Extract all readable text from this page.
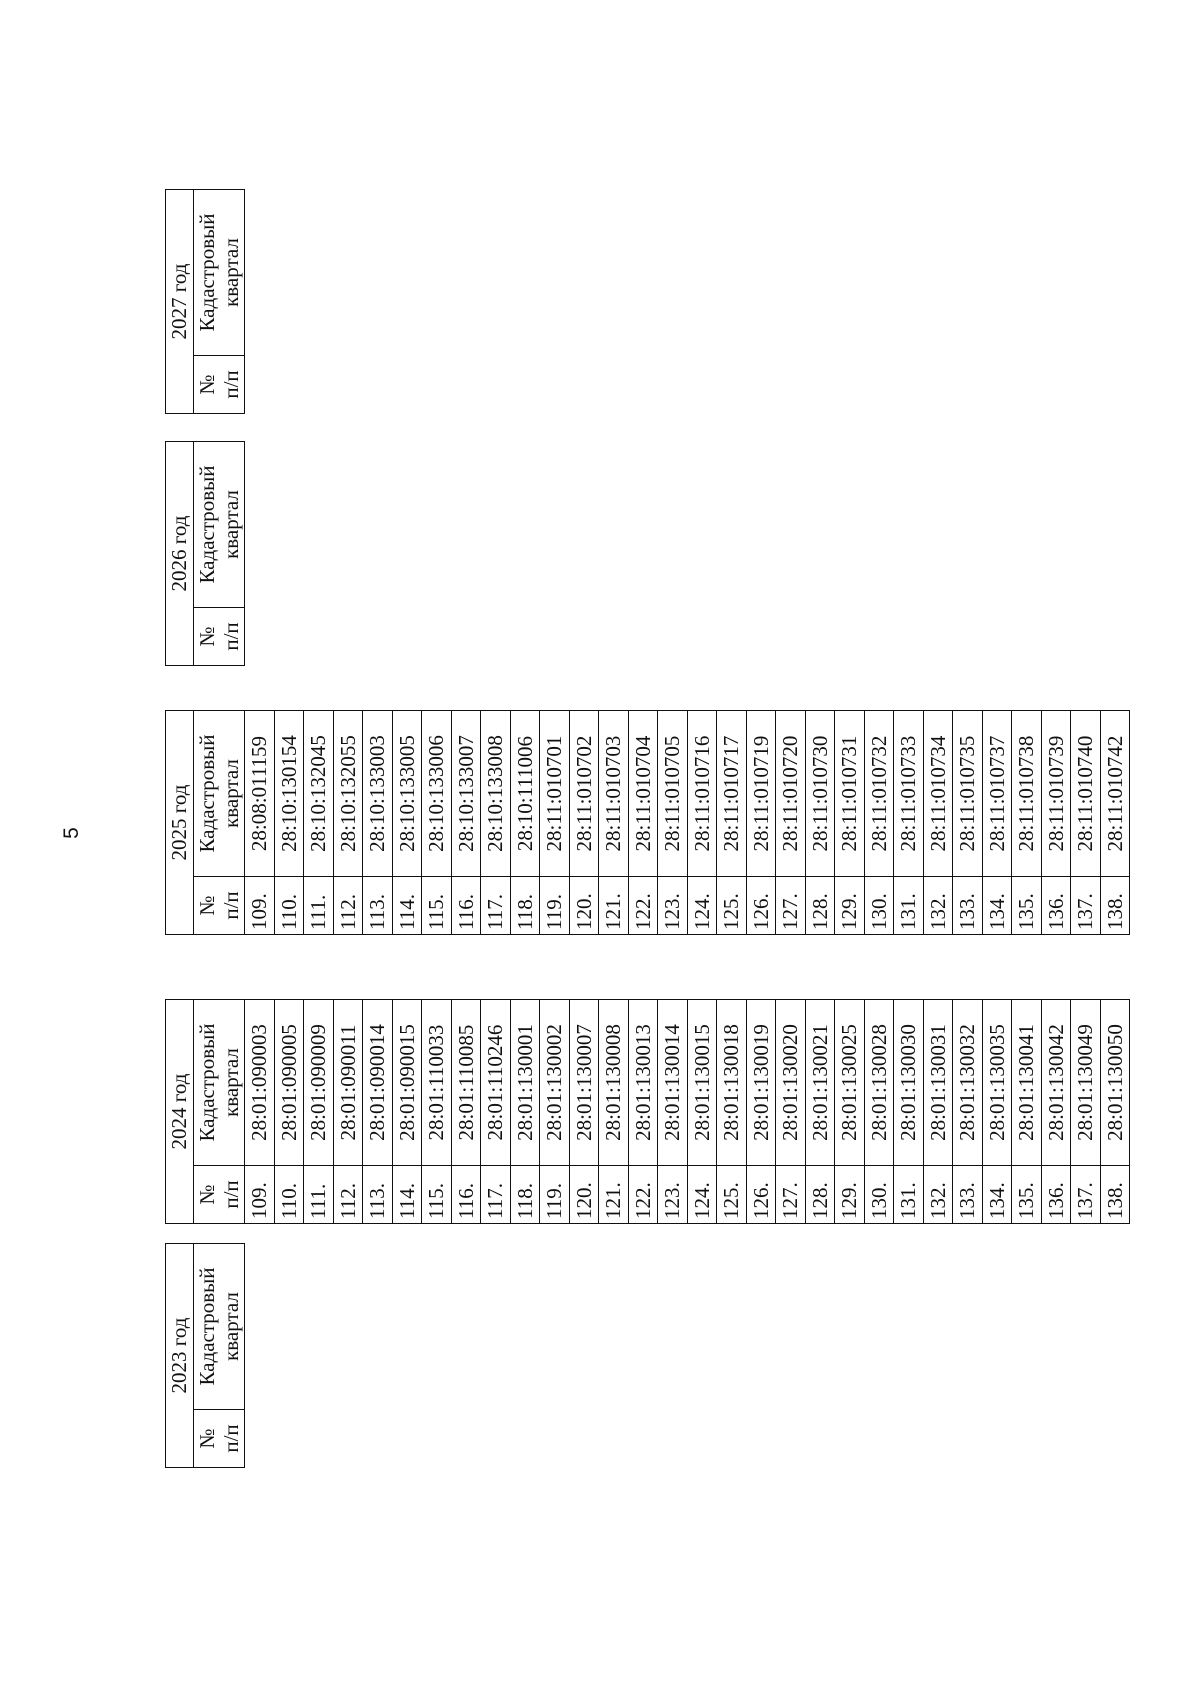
5
2023 год
№
п/п	Кадастровый
квартал
2024 год	
№
п/п	Кадастровый
квартал
109.	28:01:090003
110.	28:01:090005
111.	28:01:090009
112.	28:01:090011
113.	28:01:090014
114.	28:01:090015
115.	28:01:110033
116.	28:01:110085
117.	28:01:110246
118.	28:01:130001
119.	28:01:130002
120.	28:01:130007
121.	28:01:130008
122.	28:01:130013
123.	28:01:130014
124.	28:01:130015
125.	28:01:130018
126.	28:01:130019
127.	28:01:130020
128.	28:01:130021
129.	28:01:130025
130.	28:01:130028
131.	28:01:130030
132.	28:01:130031
133.	28:01:130032
134.	28:01:130035
135.	28:01:130041
136.	28:01:130042
137.	28:01:130049
138.	28:01:130050
2025 год	
№
п/п	Кадастровый
квартал
109.	28:08:011159
110.	28:10:130154
111.	28:10:132045
112.	28:10:132055
113.	28:10:133003
114.	28:10:133005
115.	28:10:133006
116.	28:10:133007
117.	28:10:133008
118.	28:10:111006
119.	28:11:010701
120.	28:11:010702
121.	28:11:010703
122.	28:11:010704
123.	28:11:010705
124.	28:11:010716
125.	28:11:010717
126.	28:11:010719
127.	28:11:010720
128.	28:11:010730
129.	28:11:010731
130.	28:11:010732
131.	28:11:010733
132.	28:11:010734
133.	28:11:010735
134.	28:11:010737
135.	28:11:010738
136.	28:11:010739
137.	28:11:010740
138.	28:11:010742
2026 год
№
п/п	Кадастровый
квартал
2027 год
№
п/п	Кадастровый
квартал
